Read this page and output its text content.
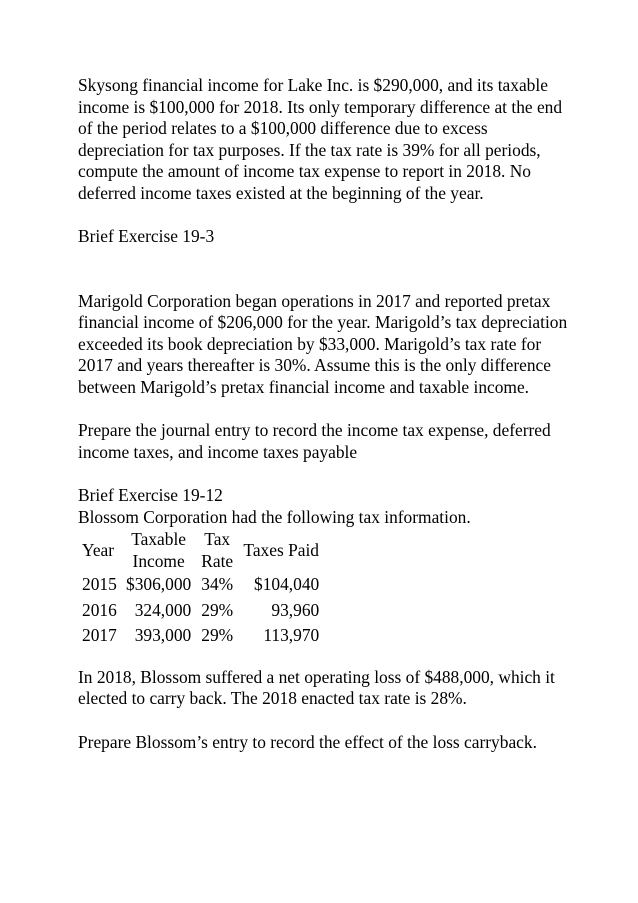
Skysong financial income for Lake Inc. is $290,000, and its taxable income is $100,000 for 2018. Its only temporary difference at the end of the period relates to a $100,000 difference due to excess depreciation for tax purposes. If the tax rate is 39% for all periods, compute the amount of income tax expense to report in 2018. No deferred income taxes existed at the beginning of the year.

Brief Exercise 19-3

Marigold Corporation began operations in 2017 and reported pretax financial income of $206,000 for the year. Marigold’s tax depreciation exceeded its book depreciation by $33,000. Marigold’s tax rate for 2017 and years thereafter is 30%. Assume this is the only difference between Marigold’s pretax financial income and taxable income.

Prepare the journal entry to record the income tax expense, deferred income taxes, and income taxes payable

Brief Exercise 19-12

Blossom Corporation had the following tax information.

Year	Taxable Income	Tax Rate	Taxes Paid
2015	$306,000	34%	$104,040
2016	324,000	29%	93,960
2017	393,000	29%	113,970

In 2018, Blossom suffered a net operating loss of $488,000, which it elected to carry back. The 2018 enacted tax rate is 28%.

Prepare Blossom’s entry to record the effect of the loss carryback.
